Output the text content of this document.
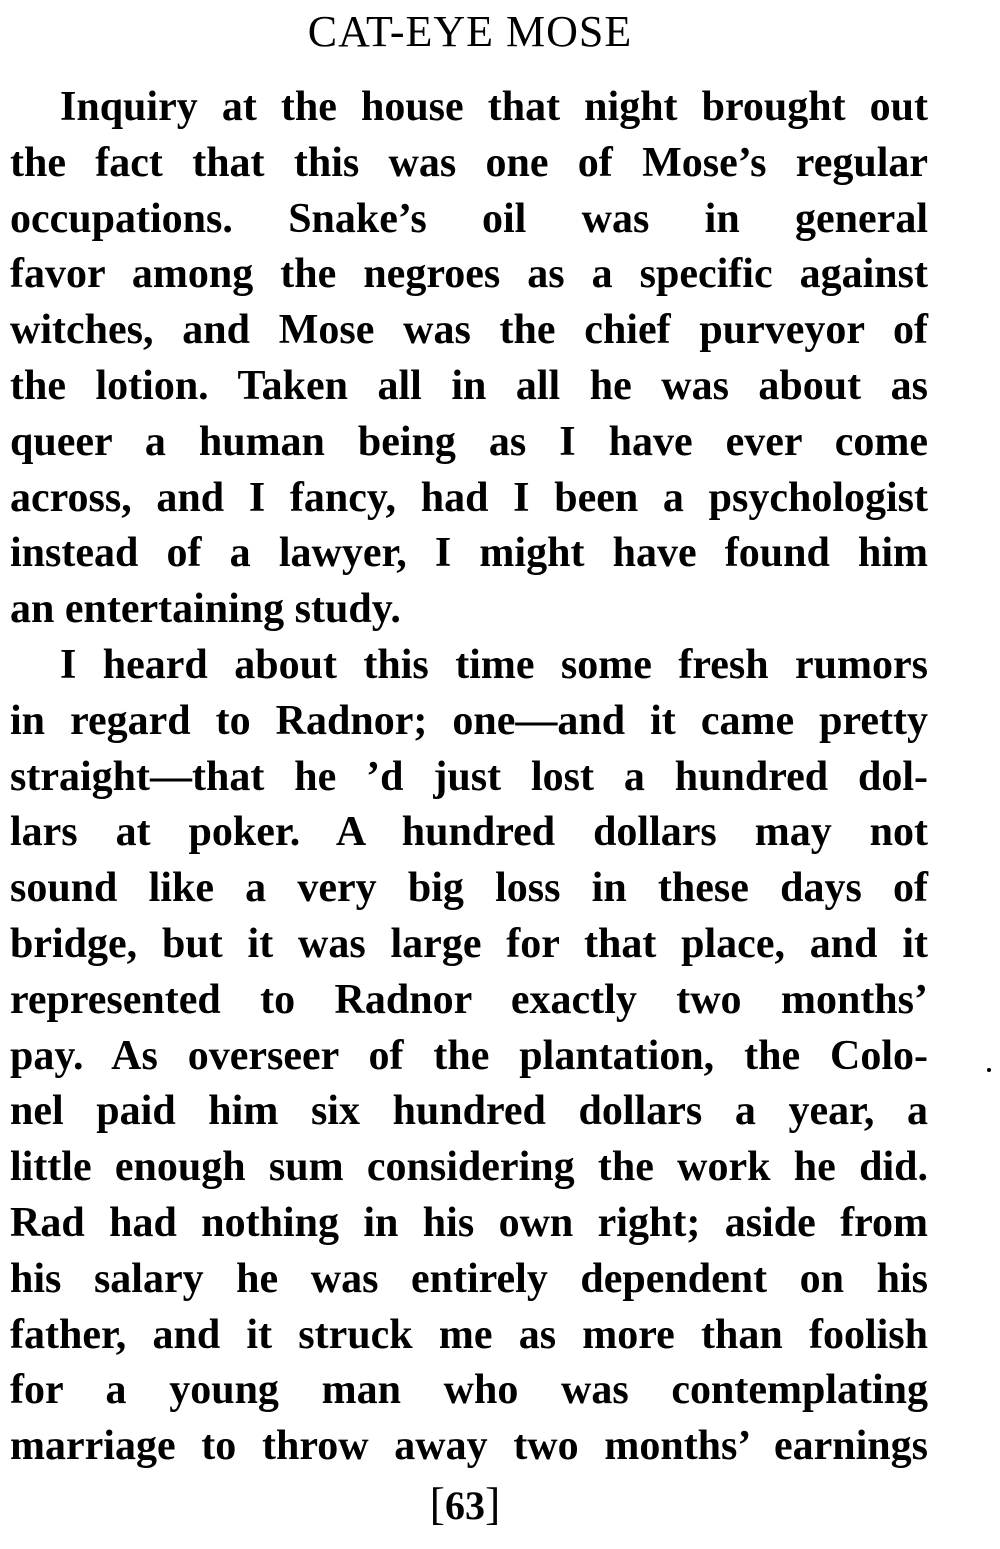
CAT-EYE MOSE
Inquiry at the house that night brought out
the fact that this was one of Mose’s regular
occupations. Snake’s oil was in general
favor among the negroes as a specific against
witches, and Mose was the chief purveyor of
the lotion. Taken all in all he was about as
queer a human being as I have ever come
across, and I fancy, had I been a psychologist
instead of a lawyer, I might have found him
an entertaining study.
I heard about this time some fresh rumors
in regard to Radnor; one—and it came pretty
straight—that he ’d just lost a hundred dol-
lars at poker. A hundred dollars may not
sound like a very big loss in these days of
bridge, but it was large for that place, and it
represented to Radnor exactly two months’
pay. As overseer of the plantation, the Colo-
nel paid him six hundred dollars a year, a
little enough sum considering the work he did.
Rad had nothing in his own right; aside from
his salary he was entirely dependent on his
father, and it struck me as more than foolish
for a young man who was contemplating
marriage to throw away two months’ earnings
[63]
